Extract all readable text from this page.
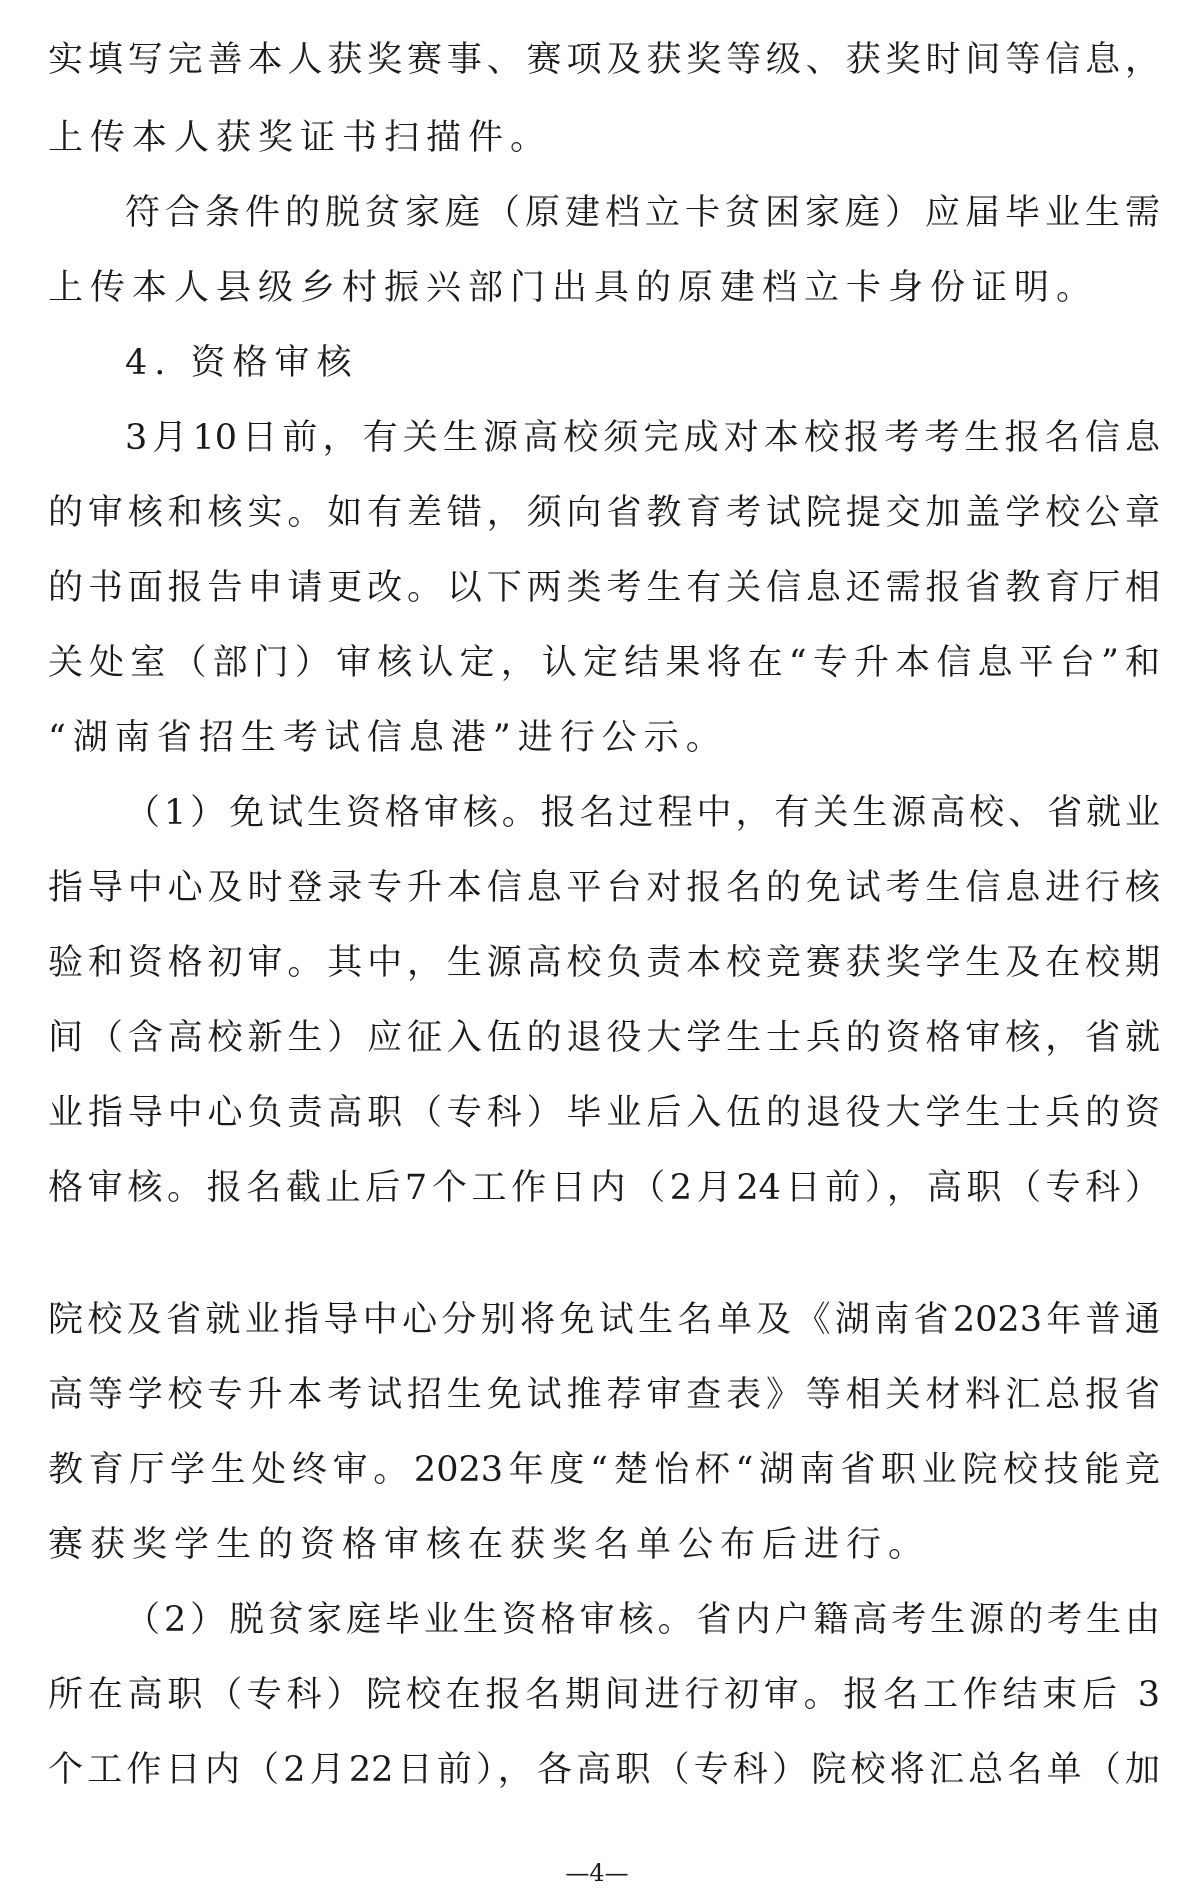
实填写完善本人获奖赛事、赛项及获奖等级、获奖时间等信息，
上传本人获奖证书扫描件。
符合条件的脱贫家庭（原建档立卡贫困家庭）应届毕业生需
上传本人县级乡村振兴部门出具的原建档立卡身份证明。
4. 资格审核
3月10日前，有关生源高校须完成对本校报考考生报名信息
的审核和核实。如有差错，须向省教育考试院提交加盖学校公章
的书面报告申请更改。以下两类考生有关信息还需报省教育厅相
关处室（部门）审核认定，认定结果将在“专升本信息平台”和
“湖南省招生考试信息港”进行公示。
（1）免试生资格审核。报名过程中，有关生源高校、省就业
指导中心及时登录专升本信息平台对报名的免试考生信息进行核
验和资格初审。其中，生源高校负责本校竞赛获奖学生及在校期
间（含高校新生）应征入伍的退役大学生士兵的资格审核，省就
业指导中心负责高职（专科）毕业后入伍的退役大学生士兵的资
格审核。报名截止后7个工作日内（2月24日前），高职（专科）
院校及省就业指导中心分别将免试生名单及《湖南省2023年普通
高等学校专升本考试招生免试推荐审查表》等相关材料汇总报省
教育厅学生处终审。2023年度“楚怡杯“湖南省职业院校技能竞
赛获奖学生的资格审核在获奖名单公布后进行。
（2）脱贫家庭毕业生资格审核。省内户籍高考生源的考生由
所在高职（专科）院校在报名期间进行初审。报名工作结束后 3
个工作日内（2月22日前），各高职（专科）院校将汇总名单（加
—4—
